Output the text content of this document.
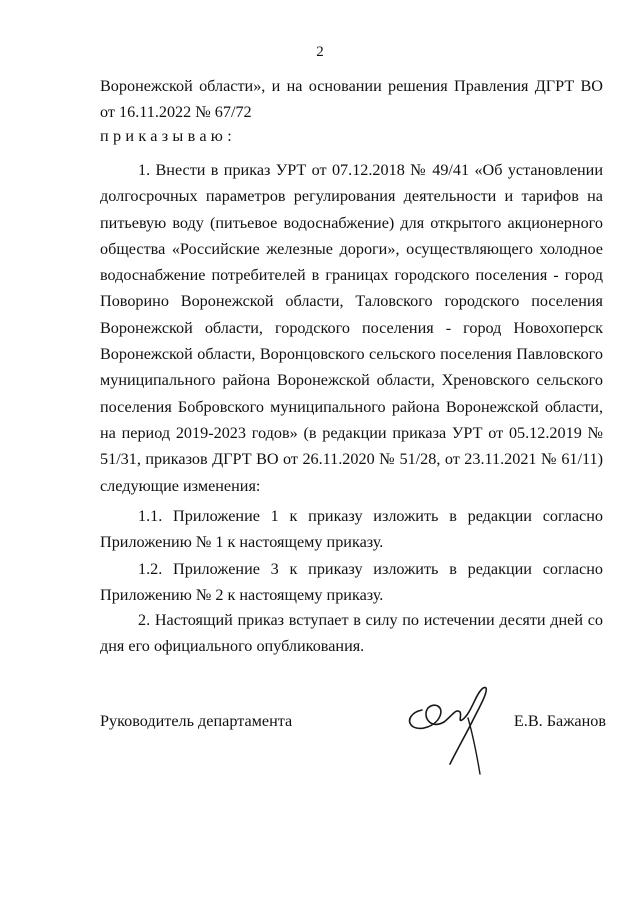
2
Воронежской области», и на основании решения Правления ДГРТ ВО от 16.11.2022 № 67/72
приказываю:

1. Внести в приказ УРТ от 07.12.2018 № 49/41 «Об установлении долгосрочных параметров регулирования деятельности и тарифов на питьевую воду (питьевое водоснабжение) для открытого акционерного общества «Российские железные дороги», осуществляющего холодное водоснабжение потребителей в границах городского поселения - город Поворино Воронежской области, Таловского городского поселения Воронежской области, городского поселения - город Новохоперск Воронежской области, Воронцовского сельского поселения Павловского муниципального района Воронежской области, Хреновского сельского поселения Бобровского муниципального района Воронежской области, на период 2019-2023 годов» (в редакции приказа УРТ от 05.12.2019 № 51/31, приказов ДГРТ ВО от 26.11.2020 № 51/28, от 23.11.2021 № 61/11) следующие изменения:

1.1. Приложение 1 к приказу изложить в редакции согласно Приложению № 1 к настоящему приказу.

1.2. Приложение 3 к приказу изложить в редакции согласно Приложению № 2 к настоящему приказу.

2. Настоящий приказ вступает в силу по истечении десяти дней со дня его официального опубликования.

Руководитель департамента	Е.В. Бажанов
